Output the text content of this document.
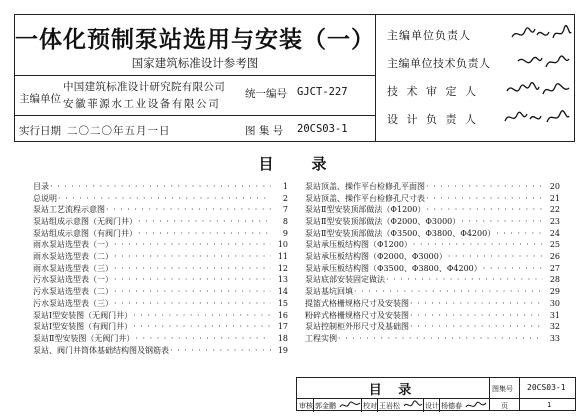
一体化预制泵站选用与安装（一）
国家建筑标准设计参考图
主编单位
中国建筑标准设计研究院有限公司
安徽菲源水工业设备有限公司
统一编号 GJCT-227
实行日期 二〇二〇年五月一日	图 集 号 20CS03-1
主编单位负责人
主编单位技术负责人
技 术 审 定 人
设 计 负 责 人
目 录
目录 · · ·	1
总说明 · · ·	2
泵站工艺流程示意图 · · ·	7
泵站组成示意图（无阀门井） · · ·	8
泵站组成示意图（有阀门井） · · ·	9
雨水泵站选型表（一） · · ·	10
雨水泵站选型表（二） · · ·	11
雨水泵站选型表（三） · · ·	12
污水泵站选型表（一） · · ·	13
污水泵站选型表（二） · · ·	14
污水泵站选型表（三） · · ·	15
泵站Ⅰ型安装图（无阀门井） · · ·	16
泵站Ⅰ型安装图（有阀门井） · · ·	17
泵站Ⅱ型安装图（无阀门井） · · ·	18
泵站、阀门井筒体基础结构图及钢筋表 · · ·	19
泵站顶盖、操作平台检修孔平面图 · · ·	20
泵站顶盖、操作平台检修孔尺寸表 · · ·	21
泵站Ⅱ型安装顶部做法（Φ1200） · · ·	22
泵站Ⅱ型安装顶部做法（Φ2000、Φ3000） · · ·	23
泵站Ⅱ型安装顶部做法（Φ3500、Φ3800、Φ4200） · · ·	24
泵站承压板结构图（Φ1200） · · ·	25
泵站承压板结构图（Φ2000、Φ3000） · · ·	26
泵站承压板结构图（Φ3500、Φ3800、Φ4200） · · ·	27
泵站底部安装固定做法 · · ·	28
泵站基坑回填 · · ·	29
提篮式格栅规格尺寸及安装图 · · ·	30
粉碎式格栅规格尺寸及安装图 · · ·	31
泵站控制柜外形尺寸及基础图 · · ·	32
工程实例 · · ·	33
目 录	图集号 20CS03-1
审核 郭金鹏	校对 王岩松	设计 杨德春	页	1
